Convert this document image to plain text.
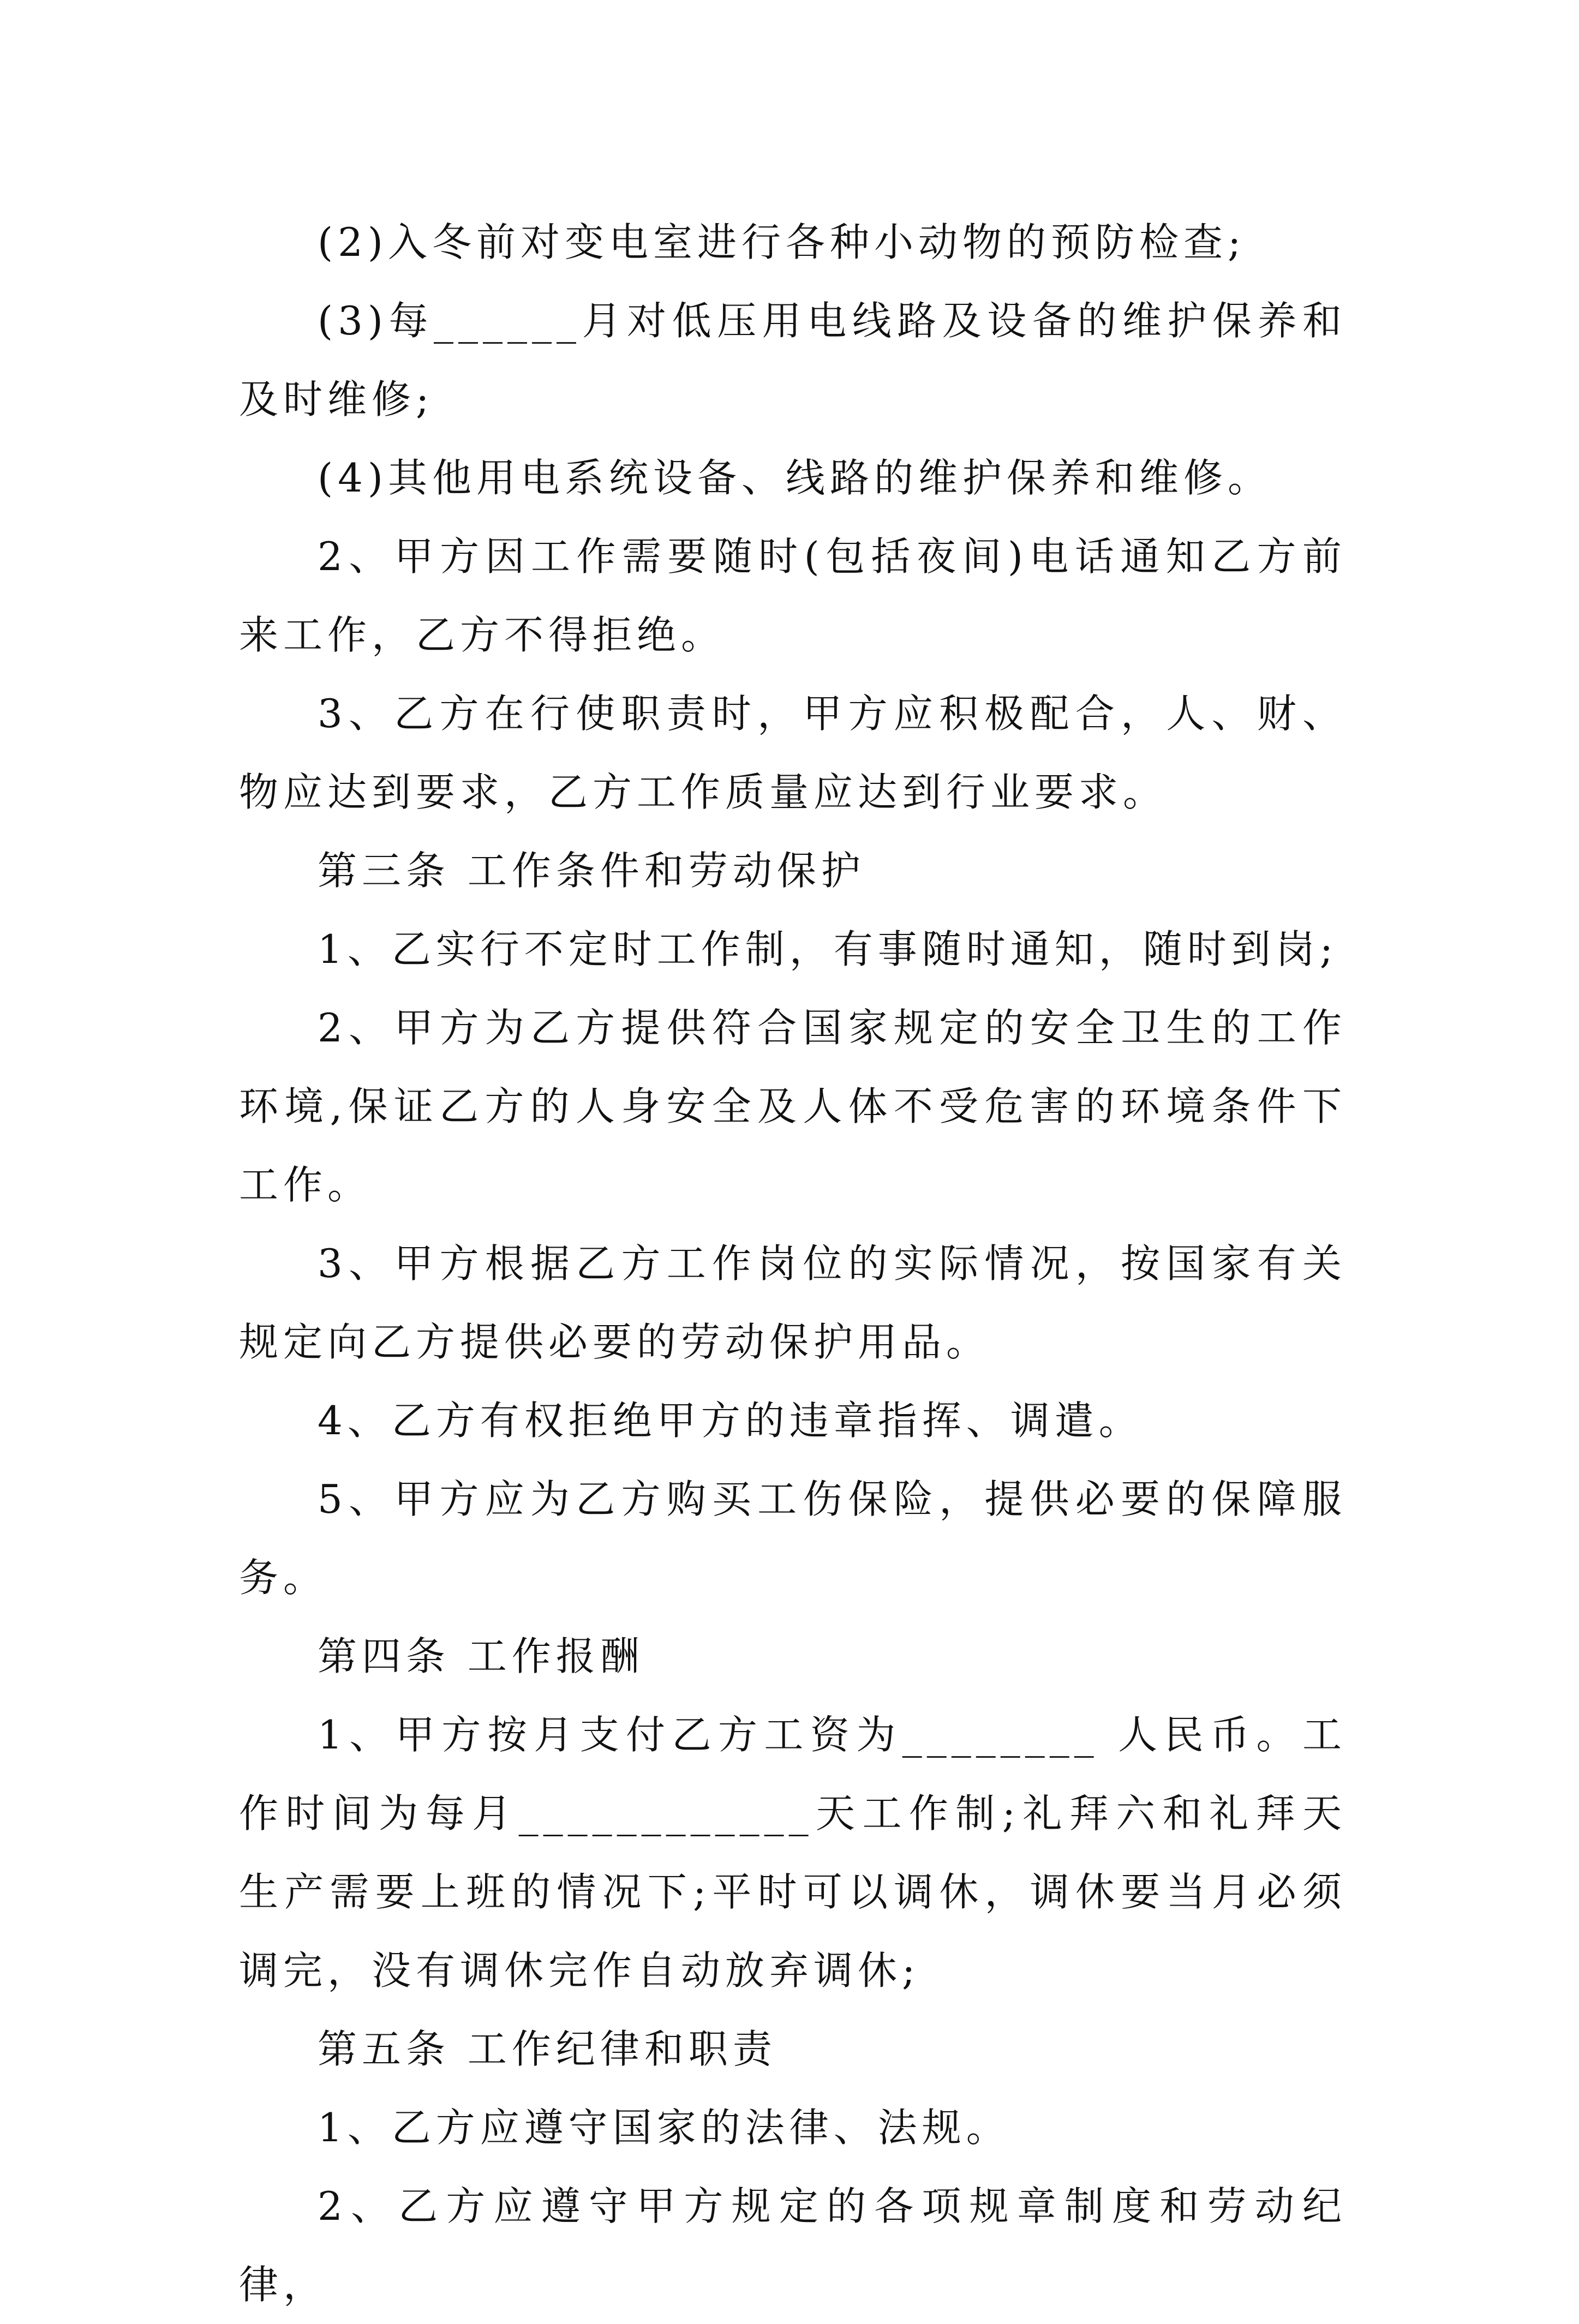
(2)入冬前对变电室进行各种小动物的预防检查;

(3)每______月对低压用电线路及设备的维护保养和及时维修;

(4)其他用电系统设备、线路的维护保养和维修。

2、甲方因工作需要随时(包括夜间)电话通知乙方前来工作，乙方不得拒绝。

3、乙方在行使职责时，甲方应积极配合，人、财、物应达到要求，乙方工作质量应达到行业要求。

第三条 工作条件和劳动保护

1、乙实行不定时工作制，有事随时通知，随时到岗;

2、甲方为乙方提供符合国家规定的安全卫生的工作环境,保证乙方的人身安全及人体不受危害的环境条件下工作。

3、甲方根据乙方工作岗位的实际情况，按国家有关规定向乙方提供必要的劳动保护用品。

4、乙方有权拒绝甲方的违章指挥、调遣。

5、甲方应为乙方购买工伤保险，提供必要的保障服务。

第四条 工作报酬

1、甲方按月支付乙方工资为________ 人民币。工作时间为每月____________天工作制;礼拜六和礼拜天生产需要上班的情况下;平时可以调休，调休要当月必须调完，没有调休完作自动放弃调休;

第五条 工作纪律和职责

1、乙方应遵守国家的法律、法规。

2、乙方应遵守甲方规定的各项规章制度和劳动纪律，
